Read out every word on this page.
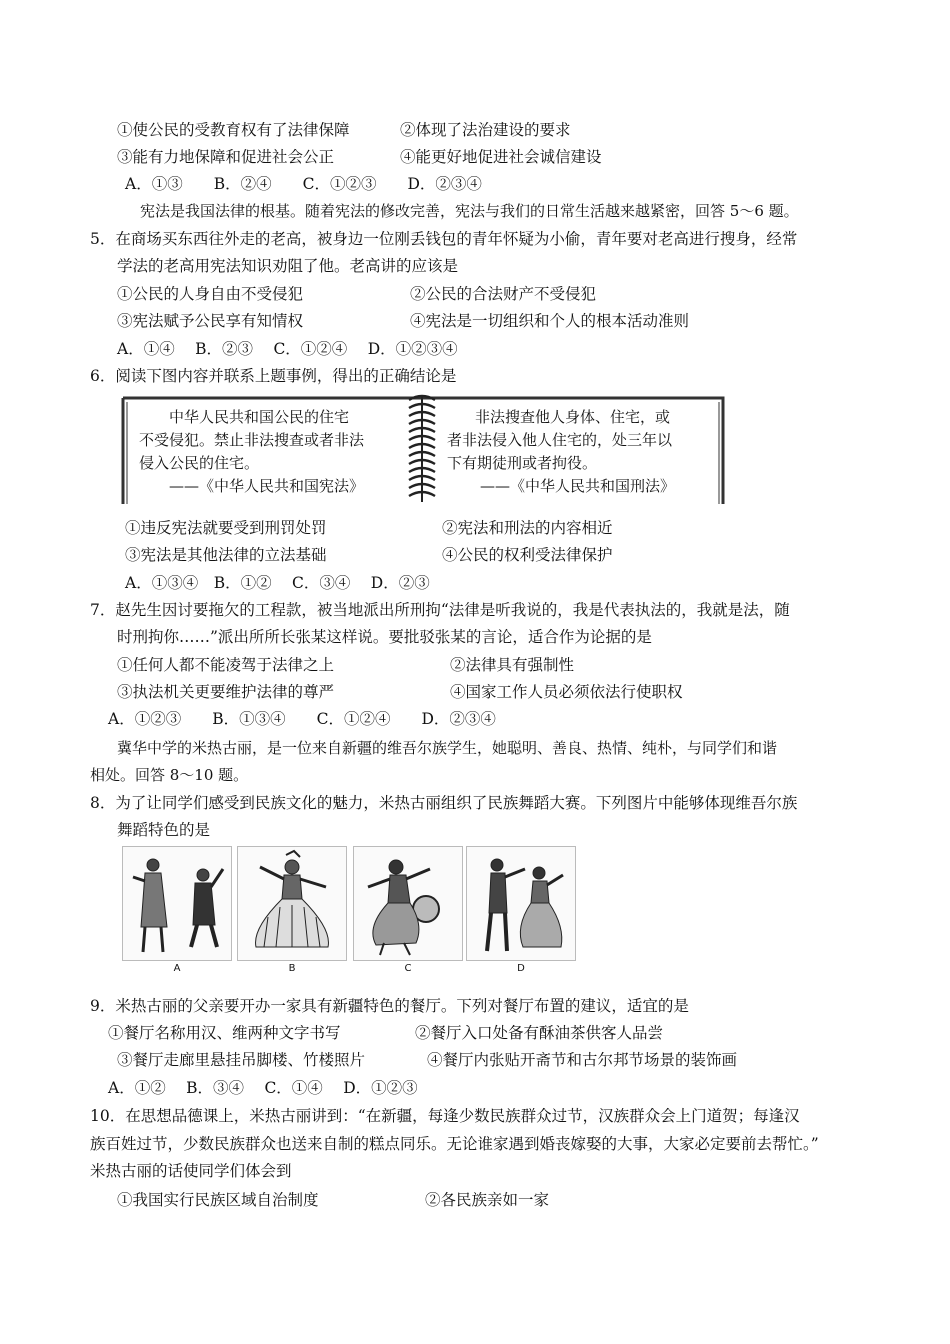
①使公民的受教育权有了法律保障	②体现了法治建设的要求
③能有力地保障和促进社会公正	④能更好地促进社会诚信建设
A．①③　　B．②④　　C．①②③　　D．②③④
宪法是我国法律的根基。随着宪法的修改完善，宪法与我们的日常生活越来越紧密，回答 5～6 题。
5．在商场买东西往外走的老高，被身边一位刚丢钱包的青年怀疑为小偷，青年要对老高进行搜身，经常
学法的老高用宪法知识劝阻了他。老高讲的应该是
①公民的人身自由不受侵犯	②公民的合法财产不受侵犯
③宪法赋予公民享有知情权	④宪法是一切组织和个人的根本活动准则
A．①④　 B．②③　 C．①②④　 D．①②③④
6．阅读下图内容并联系上题事例，得出的正确结论是
中华人民共和国公民的住宅
不受侵犯。禁止非法搜查或者非法
侵入公民的住宅。
——《中华人民共和国宪法》
非法搜查他人身体、住宅，或
者非法侵入他人住宅的，处三年以
下有期徒刑或者拘役。
——《中华人民共和国刑法》
①违反宪法就要受到刑罚处罚	②宪法和刑法的内容相近
③宪法是其他法律的立法基础	④公民的权利受法律保护
A．①③④　B．①②　 C．③④　 D．②③
7．赵先生因讨要拖欠的工程款，被当地派出所刑拘“法律是听我说的，我是代表执法的，我就是法，随
时刑拘你……”派出所所长张某这样说。要批驳张某的言论，适合作为论据的是
①任何人都不能凌驾于法律之上	②法律具有强制性
③执法机关更要维护法律的尊严	④国家工作人员必须依法行使职权
A．①②③　　B．①③④　　C．①②④　　D．②③④
冀华中学的米热古丽，是一位来自新疆的维吾尔族学生，她聪明、善良、热情、纯朴，与同学们和谐
相处。回答 8～10 题。
8．为了让同学们感受到民族文化的魅力，米热古丽组织了民族舞蹈大赛。下列图片中能够体现维吾尔族
舞蹈特色的是
A	B	C	D
9．米热古丽的父亲要开办一家具有新疆特色的餐厅。下列对餐厅布置的建议，适宜的是
①餐厅名称用汉、维两种文字书写	②餐厅入口处备有酥油茶供客人品尝
③餐厅走廊里悬挂吊脚楼、竹楼照片	④餐厅内张贴开斋节和古尔邦节场景的装饰画
A．①②　 B．③④　 C．①④　 D．①②③
10．在思想品德课上，米热古丽讲到：“在新疆，每逢少数民族群众过节，汉族群众会上门道贺；每逢汉
族百姓过节，少数民族群众也送来自制的糕点同乐。无论谁家遇到婚丧嫁娶的大事，大家必定要前去帮忙。”
米热古丽的话使同学们体会到
①我国实行民族区域自治制度	②各民族亲如一家
